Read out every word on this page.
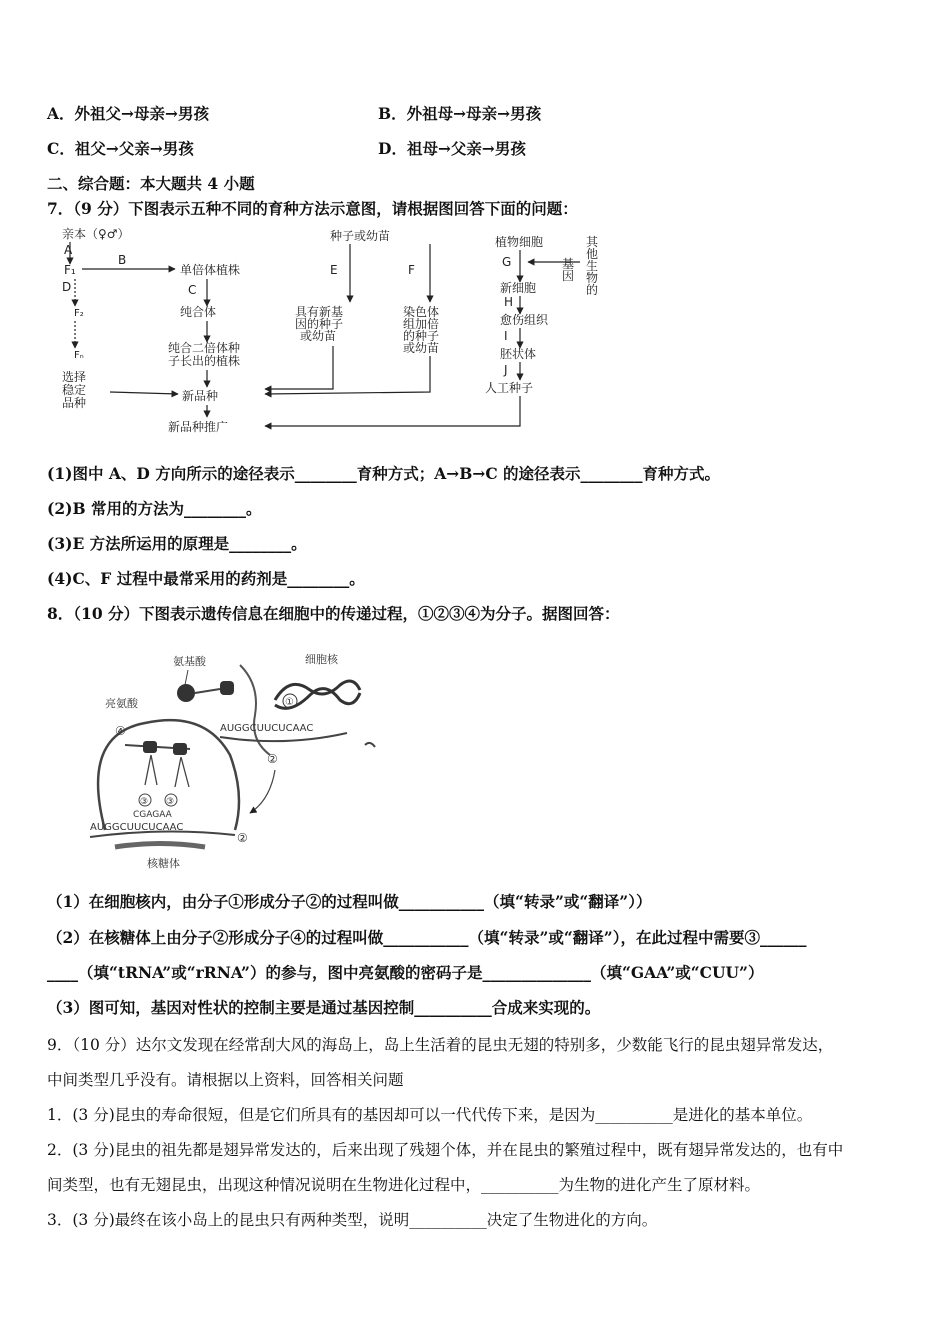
A．外祖父→母亲→男孩	B．外祖母→母亲→男孩
C．祖父→父亲→男孩	D．祖母→父亲→男孩
二、综合题：本大题共 4 小题
7．（9 分）下图表示五种不同的育种方法示意图，请根据图回答下面的问题：
亲本（♀♂）
A
F₁
D
F₂
Fₙ
选择
稳定
品种
B
单倍体植株
C
纯合体
纯合二倍体种
子长出的植株
新品种
新品种推广
种子或幼苗
E	F
具有新基
因的种子
或幼苗
染色体
组加倍
的种子
或幼苗
植物细胞	其
他
生
物
的
基
因
G
新细胞
H
愈伤组织
I
胚状体
J
人工种子
(1)图中 A、D 方向所示的途径表示________育种方式；A→B→C 的途径表示________育种方式。
(2)B 常用的方法为________。
(3)E 方法所运用的原理是________。
(4)C、F 过程中最常采用的药剂是________。
8．（10 分）下图表示遗传信息在细胞中的传递过程，①②③④为分子。据图回答：
氨基酸	细胞核
①
AUGGCUUCUCAAC
②
亮氨酸
④
③ ③
CGAGAA
AUGGCUUCUCAAC
②
核糖体
（1）在细胞核内，由分子①形成分子②的过程叫做___________（填“转录”或“翻译”））
（2）在核糖体上由分子②形成分子④的过程叫做___________（填“转录”或“翻译”），在此过程中需要③______
____（填“tRNA”或“rRNA”）的参与，图中亮氨酸的密码子是______________（填“GAA”或“CUU”）
（3）图可知，基因对性状的控制主要是通过基因控制__________合成来实现的。
9．（10 分）达尔文发现在经常刮大风的海岛上，岛上生活着的昆虫无翅的特别多，少数能飞行的昆虫翅异常发达，
中间类型几乎没有。请根据以上资料，回答相关问题
1．(3 分)昆虫的寿命很短，但是它们所具有的基因却可以一代代传下来，是因为__________是进化的基本单位。
2．(3 分)昆虫的祖先都是翅异常发达的，后来出现了残翅个体，并在昆虫的繁殖过程中，既有翅异常发达的，也有中
间类型，也有无翅昆虫，出现这种情况说明在生物进化过程中，__________为生物的进化产生了原材料。
3．(3 分)最终在该小岛上的昆虫只有两种类型，说明__________决定了生物进化的方向。
